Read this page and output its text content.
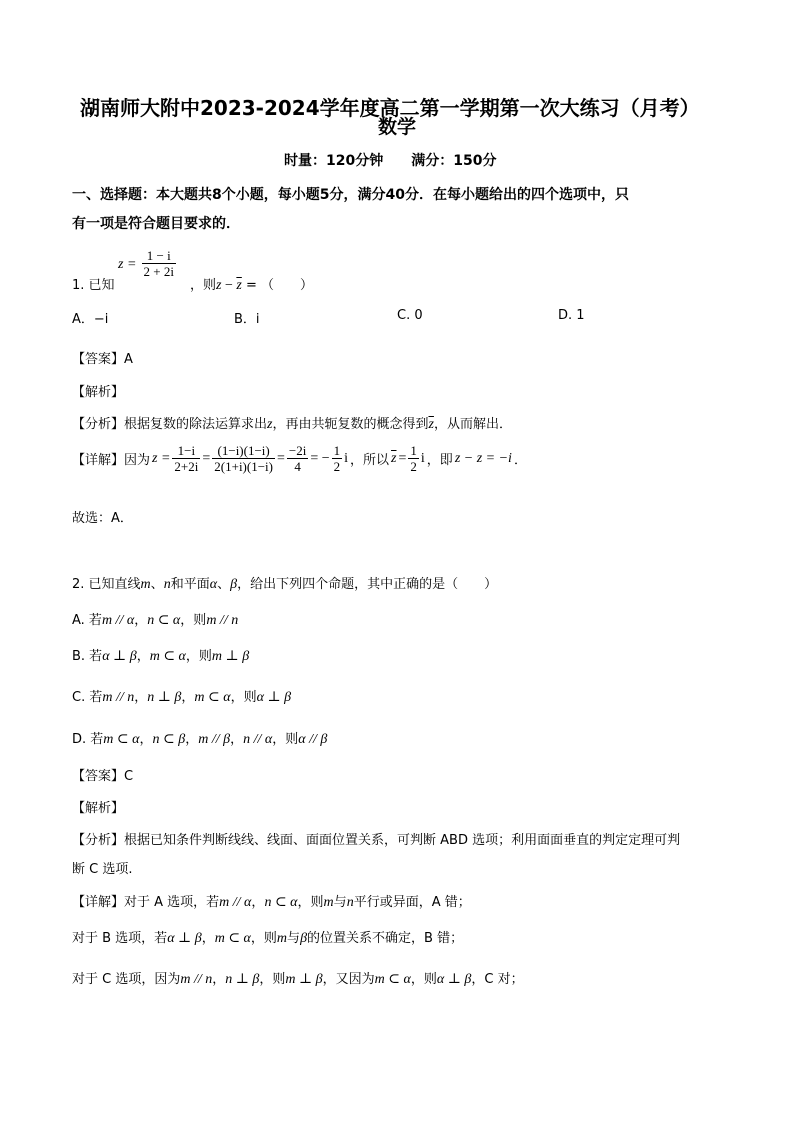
湖南师大附中2023-2024学年度高二第一学期第一次大练习（月考）
数学
时量：120分钟　　满分：150分
一、选择题：本大题共8个小题，每小题5分，满分40分．在每小题给出的四个选项中，只
有一项是符合题目要求的．
1. 已知
$z = \frac{1 - i}{2 + 2i}$
，则$z - \overline{z}$ = （　　）
A．−i	B．i	C. 0	D. 1
【答案】A
【解析】
【分析】根据复数的除法运算求出z，再由共轭复数的概念得到$\overline{z}$，从而解出．
【详解】因为 $z = \frac{1-i}{2+2i} = \frac{(1-i)(1-i)}{2(1+i)(1-i)} = \frac{-2i}{4}$ = − $\frac{1}{2}$ i ，所以 $\overline{z} = \frac{1}{2}$ i ，即 z − z = −i ．
故选：A．
2. 已知直线m、n和平面α、β，给出下列四个命题，其中正确的是（　　）
A. 若m // α，n ⊂ α，则m // n
B. 若α ⊥ β，m ⊂ α，则m ⊥ β
C. 若m // n，n ⊥ β，m ⊂ α，则α ⊥ β
D. 若m ⊂ α，n ⊂ β，m // β，n // α，则α // β
【答案】C
【解析】
【分析】根据已知条件判断线线、线面、面面位置关系，可判断 ABD 选项；利用面面垂直的判定定理可判
断 C 选项.
【详解】对于 A 选项，若m // α，n ⊂ α，则m与n平行或异面，A 错；
对于 B 选项，若α ⊥ β，m ⊂ α，则m与β的位置关系不确定，B 错；
对于 C 选项，因为m // n，n ⊥ β，则m ⊥ β，又因为m ⊂ α，则α ⊥ β，C 对；
